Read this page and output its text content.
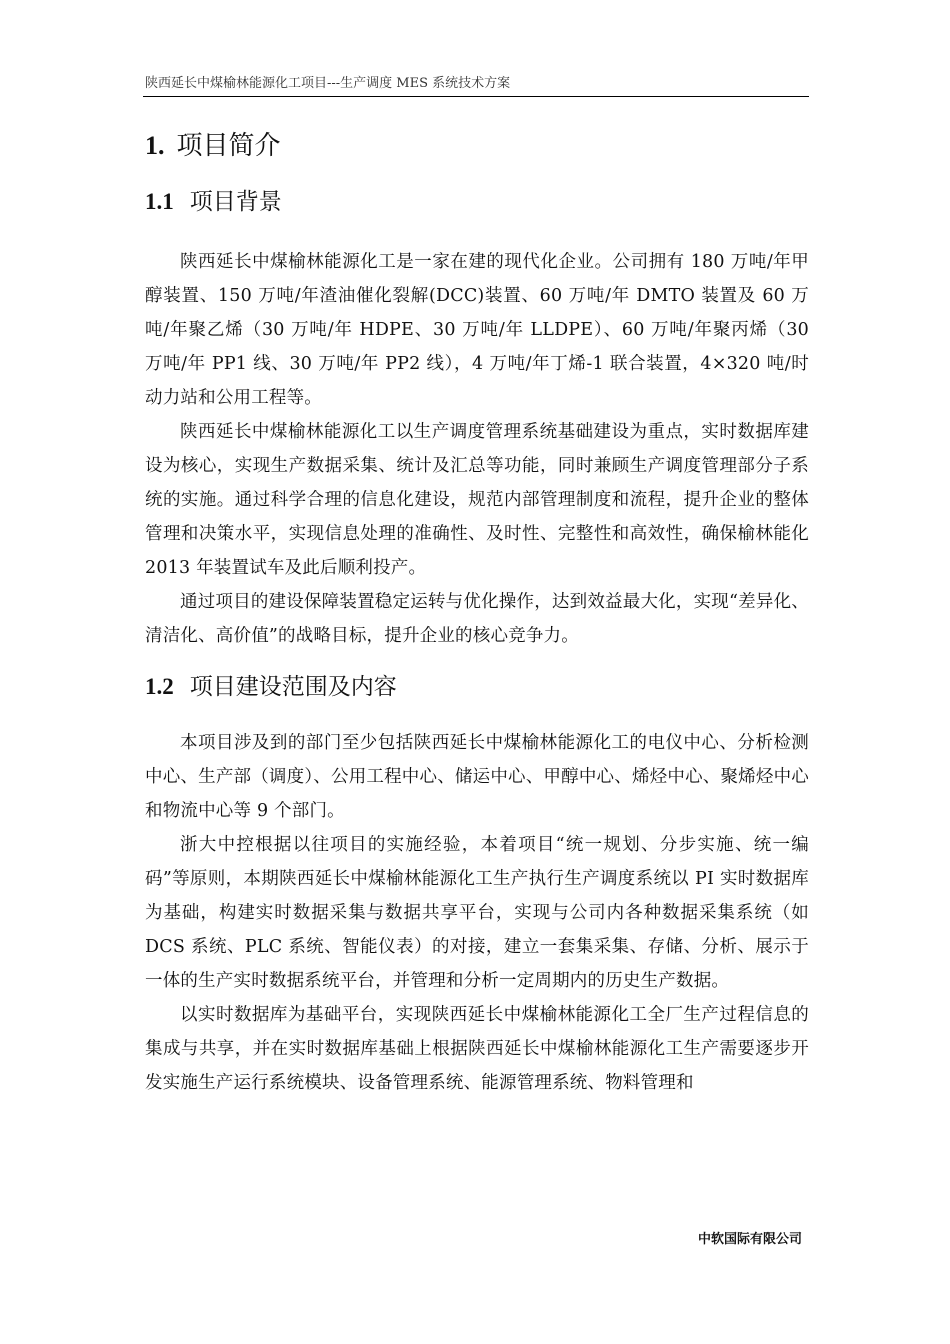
陕西延长中煤榆林能源化工项目---生产调度 MES 系统技术方案
1. 项目简介
1.1 项目背景

陕西延长中煤榆林能源化工是一家在建的现代化企业。公司拥有 180 万吨/年甲醇装置、150 万吨/年渣油催化裂解(DCC)装置、60 万吨/年 DMTO 装置及 60 万吨/年聚乙烯（30 万吨/年 HDPE、30 万吨/年 LLDPE）、60 万吨/年聚丙烯（30 万吨/年 PP1 线、30 万吨/年 PP2 线），4 万吨/年丁烯-1 联合装置，4×320 吨/时动力站和公用工程等。

陕西延长中煤榆林能源化工以生产调度管理系统基础建设为重点，实时数据库建设为核心，实现生产数据采集、统计及汇总等功能，同时兼顾生产调度管理部分子系统的实施。通过科学合理的信息化建设，规范内部管理制度和流程，提升企业的整体管理和决策水平，实现信息处理的准确性、及时性、完整性和高效性，确保榆林能化 2013 年装置试车及此后顺利投产。

通过项目的建设保障装置稳定运转与优化操作，达到效益最大化，实现“差异化、清洁化、高价值”的战略目标，提升企业的核心竞争力。

1.2 项目建设范围及内容

本项目涉及到的部门至少包括陕西延长中煤榆林能源化工的电仪中心、分析检测中心、生产部（调度）、公用工程中心、储运中心、甲醇中心、烯烃中心、聚烯烃中心和物流中心等 9 个部门。

浙大中控根据以往项目的实施经验，本着项目“统一规划、分步实施、统一编码”等原则，本期陕西延长中煤榆林能源化工生产执行生产调度系统以 PI 实时数据库为基础，构建实时数据采集与数据共享平台，实现与公司内各种数据采集系统（如 DCS 系统、PLC 系统、智能仪表）的对接，建立一套集采集、存储、分析、展示于一体的生产实时数据系统平台，并管理和分析一定周期内的历史生产数据。

以实时数据库为基础平台，实现陕西延长中煤榆林能源化工全厂生产过程信息的集成与共享，并在实时数据库基础上根据陕西延长中煤榆林能源化工生产需要逐步开发实施生产运行系统模块、设备管理系统、能源管理系统、物料管理和

中软国际有限公司
